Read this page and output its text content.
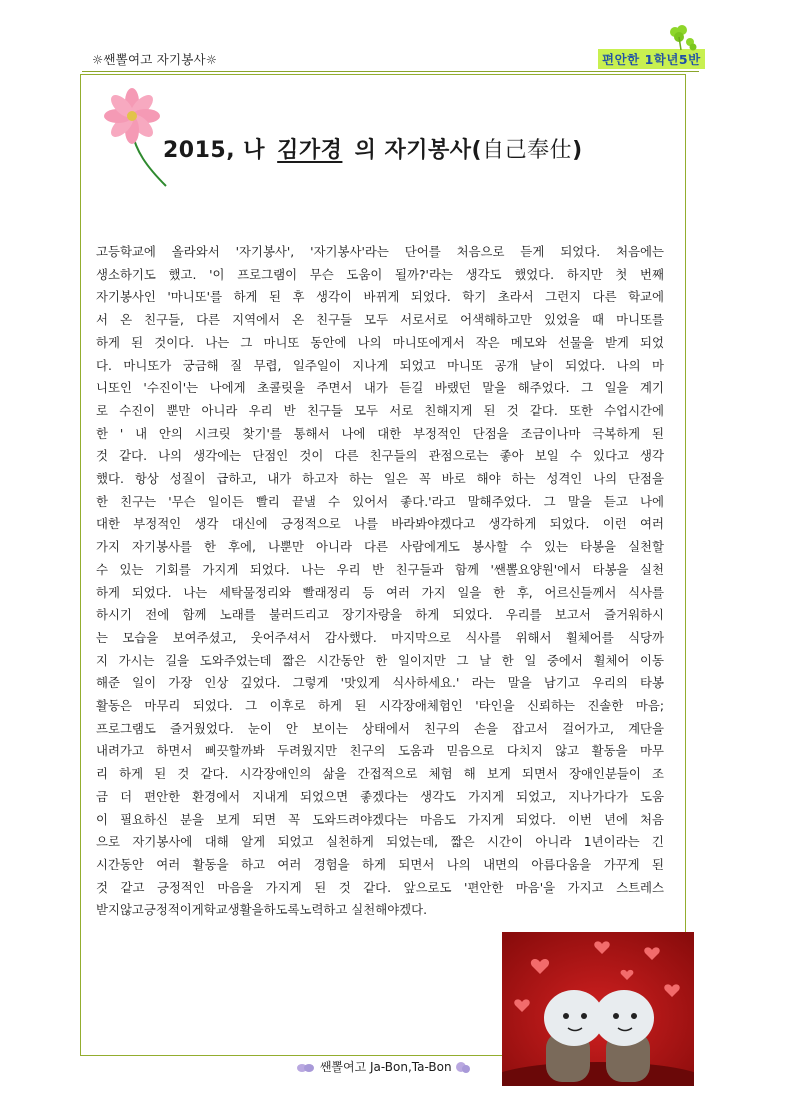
☼쌘뽈여고 자기봉사☼	편안한 1학년5반
2015, 나 김가경 의 자기봉사(自己奉仕)
고등학교에 올라와서 '자기봉사', '자기봉사'라는 단어를 처음으로 듣게 되었다. 처음에는
생소하기도 했고. '이 프로그램이 무슨 도움이 될까?'라는 생각도 했었다. 하지만 첫 번째
자기봉사인 '마니또'를 하게 된 후 생각이 바뀌게 되었다. 학기 초라서 그런지 다른 학교에
서 온 친구들, 다른 지역에서 온 친구들 모두 서로서로 어색해하고만 있었을 때 마니또를
하게 된 것이다. 나는 그 마니또 동안에 나의 마니또에게서 작은 메모와 선물을 받게 되었
다. 마니또가 궁금해 질 무렵, 일주일이 지나게 되었고 마니또 공개 날이 되었다. 나의 마
니또인 '수진이'는 나에게 초콜릿을 주면서 내가 듣길 바랬던 말을 해주었다. 그 일을 계기
로 수진이 뿐만 아니라 우리 반 친구들 모두 서로 친해지게 된 것 같다. 또한 수업시간에
한 ' 내 안의 시크릿 찾기'를 통해서 나에 대한 부정적인 단점을 조금이나마 극복하게 된
것 같다. 나의 생각에는 단점인 것이 다른 친구들의 관점으로는 좋아 보일 수 있다고 생각
했다. 항상 성질이 급하고, 내가 하고자 하는 일은 꼭 바로 해야 하는 성격인 나의 단점을
한 친구는 '무슨 일이든 빨리 끝낼 수 있어서 좋다.'라고 말해주었다. 그 말을 듣고 나에
대한 부정적인 생각 대신에 긍정적으로 나를 바라봐야겠다고 생각하게 되었다. 이런 여러
가지 자기봉사를 한 후에, 나뿐만 아니라 다른 사람에게도 봉사할 수 있는 타봉을 실천할
수 있는 기회를 가지게 되었다. 나는 우리 반 친구들과 함께 '쌘뽈요양원'에서 타봉을 실천
하게 되었다. 나는 세탁물정리와 빨래정리 등 여러 가지 일을 한 후, 어르신들께서 식사를
하시기 전에 함께 노래를 불러드리고 장기자랑을 하게 되었다. 우리를 보고서 즐거워하시
는 모습을 보여주셨고, 웃어주셔서 감사했다. 마지막으로 식사를 위해서 휠체어를 식당까
지 가시는 길을 도와주었는데 짧은 시간동안 한 일이지만 그 날 한 일 중에서 휠체어 이동
해준 일이 가장 인상 깊었다. 그렇게 '맛있게 식사하세요.' 라는 말을 남기고 우리의 타봉
활동은 마무리 되었다. 그 이후로 하게 된 시각장애체험인 '타인을 신뢰하는 진솔한 마음;
프로그램도 즐거웠었다. 눈이 안 보이는 상태에서 친구의 손을 잡고서 걸어가고, 계단을
내려가고 하면서 삐끗할까봐 두려웠지만 친구의 도움과 믿음으로 다치지 않고 활동을 마무
리 하게 된 것 같다. 시각장애인의 삶을 간접적으로 체험 해 보게 되면서 장애인분들이 조
금 더 편안한 환경에서 지내게 되었으면 좋겠다는 생각도 가지게 되었고, 지나가다가 도움
이 필요하신 분을 보게 되면 꼭 도와드려야겠다는 마음도 가지게 되었다. 이번 년에 처음
으로 자기봉사에 대해 알게 되었고 실천하게 되었는데, 짧은 시간이 아니라 1년이라는 긴
시간동안 여러 활동을 하고 여러 경험을 하게 되면서 나의 내면의 아름다움을 가꾸게 된
것 같고 긍정적인 마음을 가지게 된 것 같다. 앞으로도 '편안한 마음'을 가지고 스트레스
받지않고긍정적이게학교생활을하도록노력하고 실천해야겠다.
쌘뽈여고 Ja-Bon,Ta-Bon
